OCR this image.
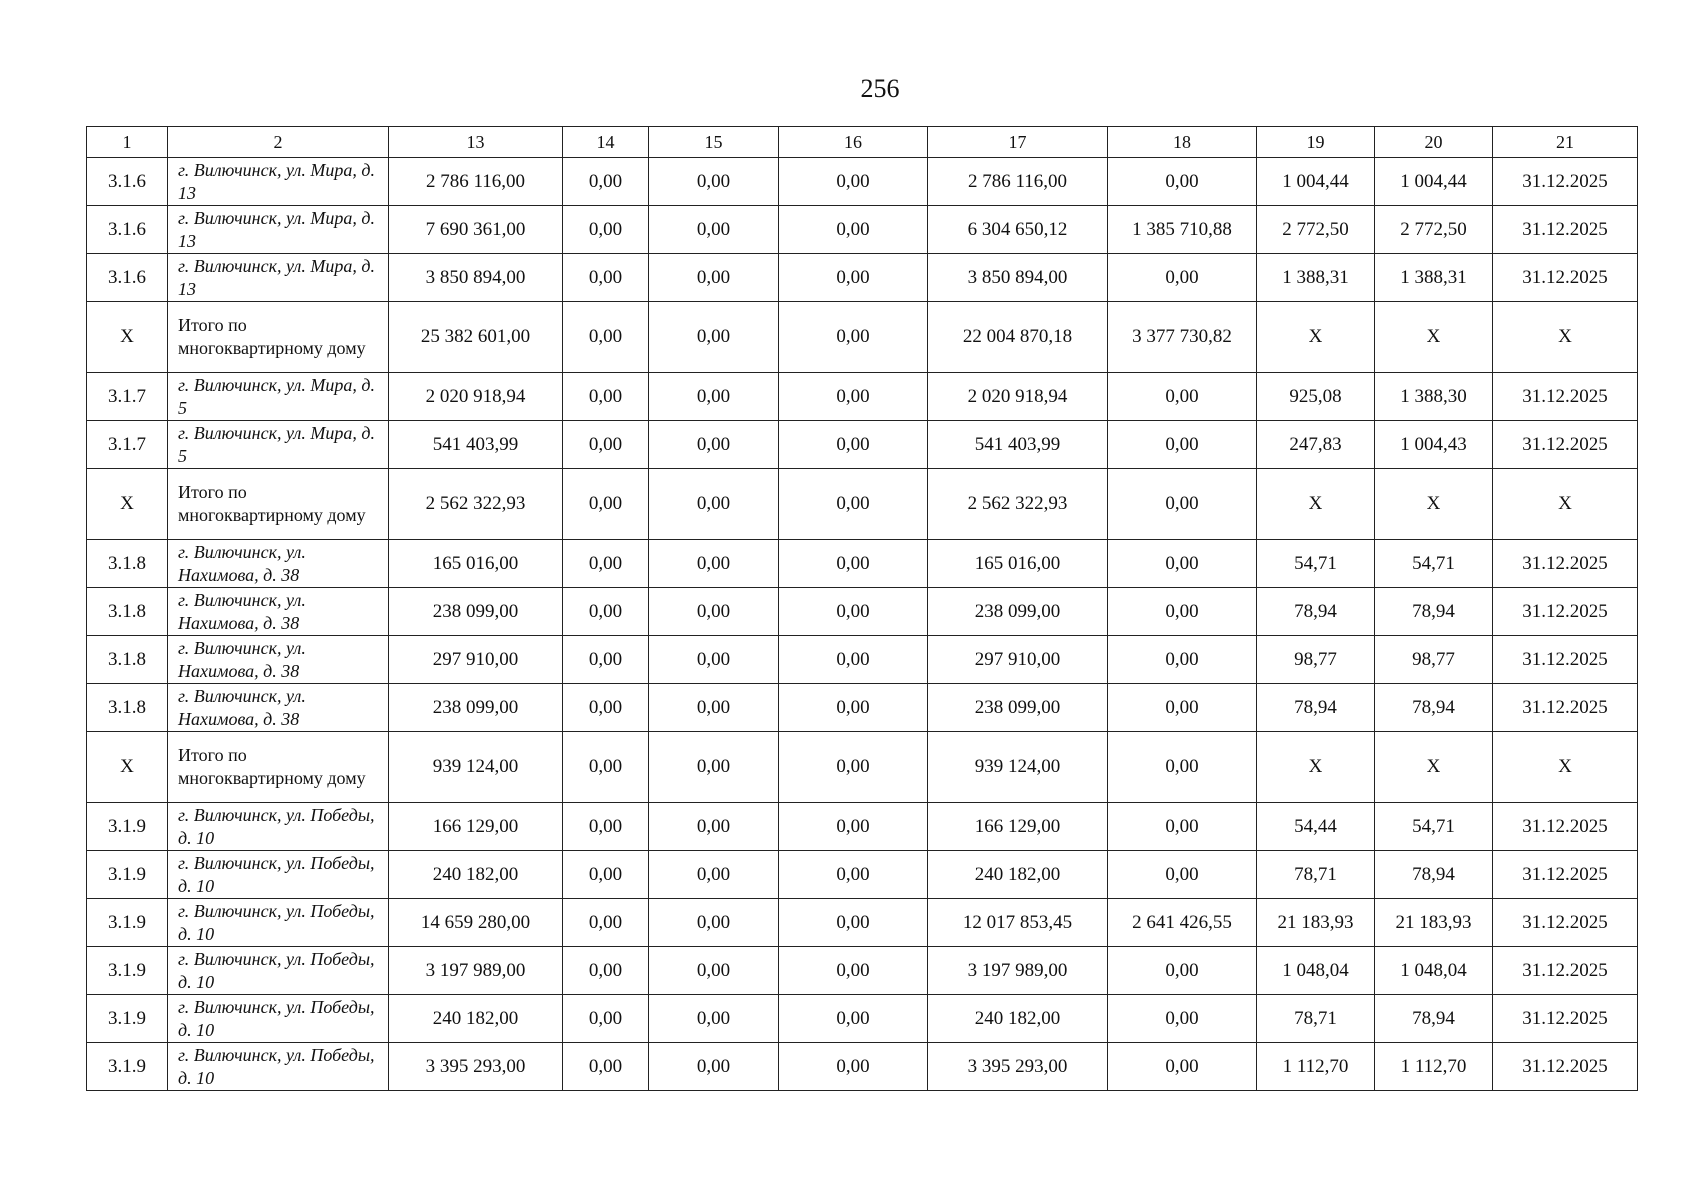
256
1	2	13	14	15	16	17	18	19	20	21
3.1.6	г. Вилючинск, ул. Мира, д. 13	2 786 116,00	0,00	0,00	0,00	2 786 116,00	0,00	1 004,44	1 004,44	31.12.2025
3.1.6	г. Вилючинск, ул. Мира, д. 13	7 690 361,00	0,00	0,00	0,00	6 304 650,12	1 385 710,88	2 772,50	2 772,50	31.12.2025
3.1.6	г. Вилючинск, ул. Мира, д. 13	3 850 894,00	0,00	0,00	0,00	3 850 894,00	0,00	1 388,31	1 388,31	31.12.2025
X	Итого по многоквартирному дому	25 382 601,00	0,00	0,00	0,00	22 004 870,18	3 377 730,82	X	X	X
3.1.7	г. Вилючинск, ул. Мира, д. 5	2 020 918,94	0,00	0,00	0,00	2 020 918,94	0,00	925,08	1 388,30	31.12.2025
3.1.7	г. Вилючинск, ул. Мира, д. 5	541 403,99	0,00	0,00	0,00	541 403,99	0,00	247,83	1 004,43	31.12.2025
X	Итого по многоквартирному дому	2 562 322,93	0,00	0,00	0,00	2 562 322,93	0,00	X	X	X
3.1.8	г. Вилючинск, ул. Нахимова, д. 38	165 016,00	0,00	0,00	0,00	165 016,00	0,00	54,71	54,71	31.12.2025
3.1.8	г. Вилючинск, ул. Нахимова, д. 38	238 099,00	0,00	0,00	0,00	238 099,00	0,00	78,94	78,94	31.12.2025
3.1.8	г. Вилючинск, ул. Нахимова, д. 38	297 910,00	0,00	0,00	0,00	297 910,00	0,00	98,77	98,77	31.12.2025
3.1.8	г. Вилючинск, ул. Нахимова, д. 38	238 099,00	0,00	0,00	0,00	238 099,00	0,00	78,94	78,94	31.12.2025
X	Итого по многоквартирному дому	939 124,00	0,00	0,00	0,00	939 124,00	0,00	X	X	X
3.1.9	г. Вилючинск, ул. Победы, д. 10	166 129,00	0,00	0,00	0,00	166 129,00	0,00	54,44	54,71	31.12.2025
3.1.9	г. Вилючинск, ул. Победы, д. 10	240 182,00	0,00	0,00	0,00	240 182,00	0,00	78,71	78,94	31.12.2025
3.1.9	г. Вилючинск, ул. Победы, д. 10	14 659 280,00	0,00	0,00	0,00	12 017 853,45	2 641 426,55	21 183,93	21 183,93	31.12.2025
3.1.9	г. Вилючинск, ул. Победы, д. 10	3 197 989,00	0,00	0,00	0,00	3 197 989,00	0,00	1 048,04	1 048,04	31.12.2025
3.1.9	г. Вилючинск, ул. Победы, д. 10	240 182,00	0,00	0,00	0,00	240 182,00	0,00	78,71	78,94	31.12.2025
3.1.9	г. Вилючинск, ул. Победы, д. 10	3 395 293,00	0,00	0,00	0,00	3 395 293,00	0,00	1 112,70	1 112,70	31.12.2025
